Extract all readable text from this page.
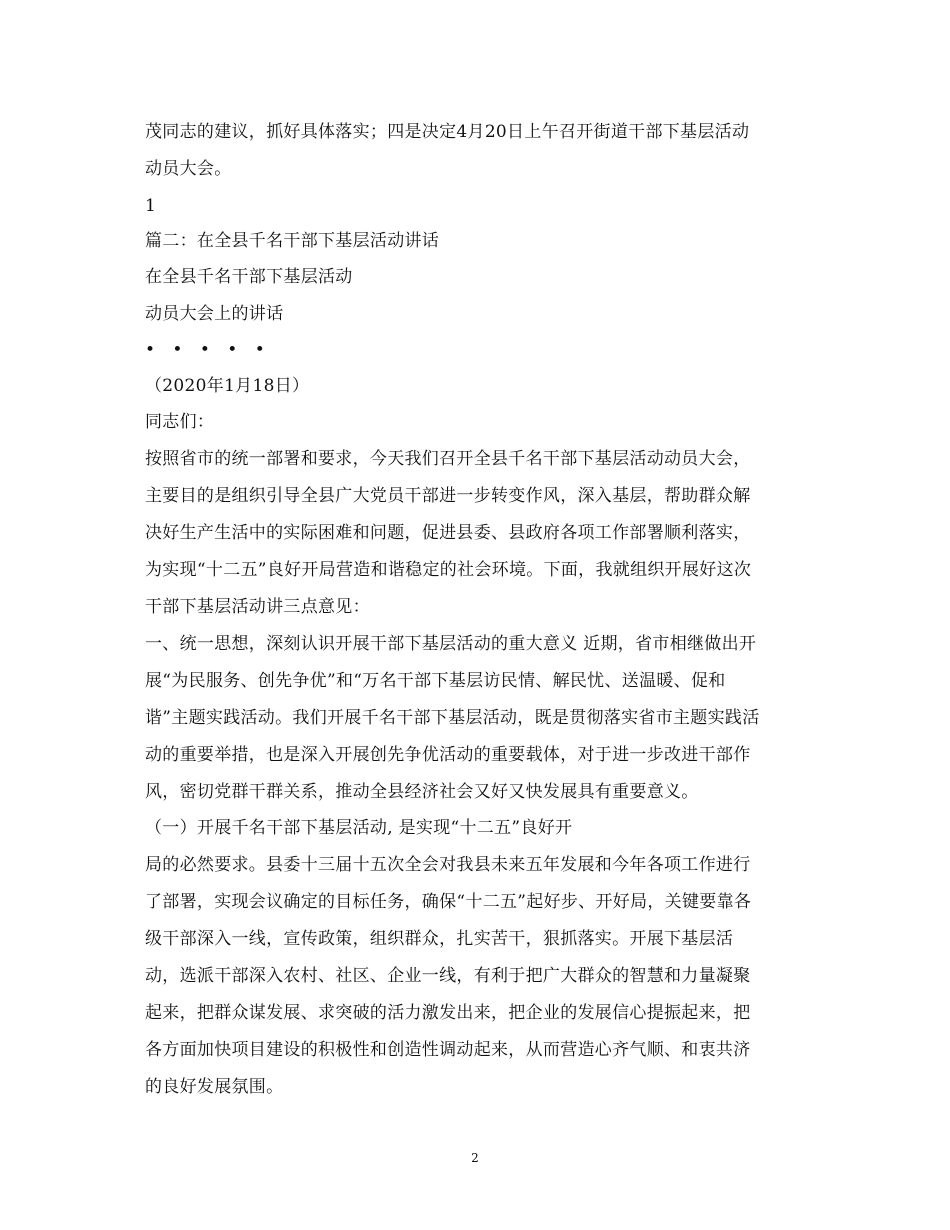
茂同志的建议，抓好具体落实；四是决定4月20日上午召开街道干部下基层活动
动员大会。
1
篇二：在全县千名干部下基层活动讲话
在全县千名干部下基层活动
动员大会上的讲话
• • • • •
（2020年1月18日）
同志们：
按照省市的统一部署和要求，今天我们召开全县千名干部下基层活动动员大会，
主要目的是组织引导全县广大党员干部进一步转变作风，深入基层，帮助群众解
决好生产生活中的实际困难和问题，促进县委、县政府各项工作部署顺利落实，
为实现“十二五”良好开局营造和谐稳定的社会环境。下面，我就组织开展好这次
干部下基层活动讲三点意见：
一、统一思想，深刻认识开展干部下基层活动的重大意义 近期，省市相继做出开
展“为民服务、创先争优”和“万名干部下基层访民情、解民忧、送温暖、促和
谐”主题实践活动。我们开展千名干部下基层活动，既是贯彻落实省市主题实践活
动的重要举措，也是深入开展创先争优活动的重要载体，对于进一步改进干部作
风，密切党群干群关系，推动全县经济社会又好又快发展具有重要意义。
（一）开展千名干部下基层活动, 是实现“十二五”良好开
局的必然要求。县委十三届十五次全会对我县未来五年发展和今年各项工作进行
了部署，实现会议确定的目标任务，确保“十二五”起好步、开好局，关键要靠各
级干部深入一线，宣传政策，组织群众，扎实苦干，狠抓落实。开展下基层活
动，选派干部深入农村、社区、企业一线，有利于把广大群众的智慧和力量凝聚
起来，把群众谋发展、求突破的活力激发出来，把企业的发展信心提振起来，把
各方面加快项目建设的积极性和创造性调动起来，从而营造心齐气顺、和衷共济
的良好发展氛围。
2
